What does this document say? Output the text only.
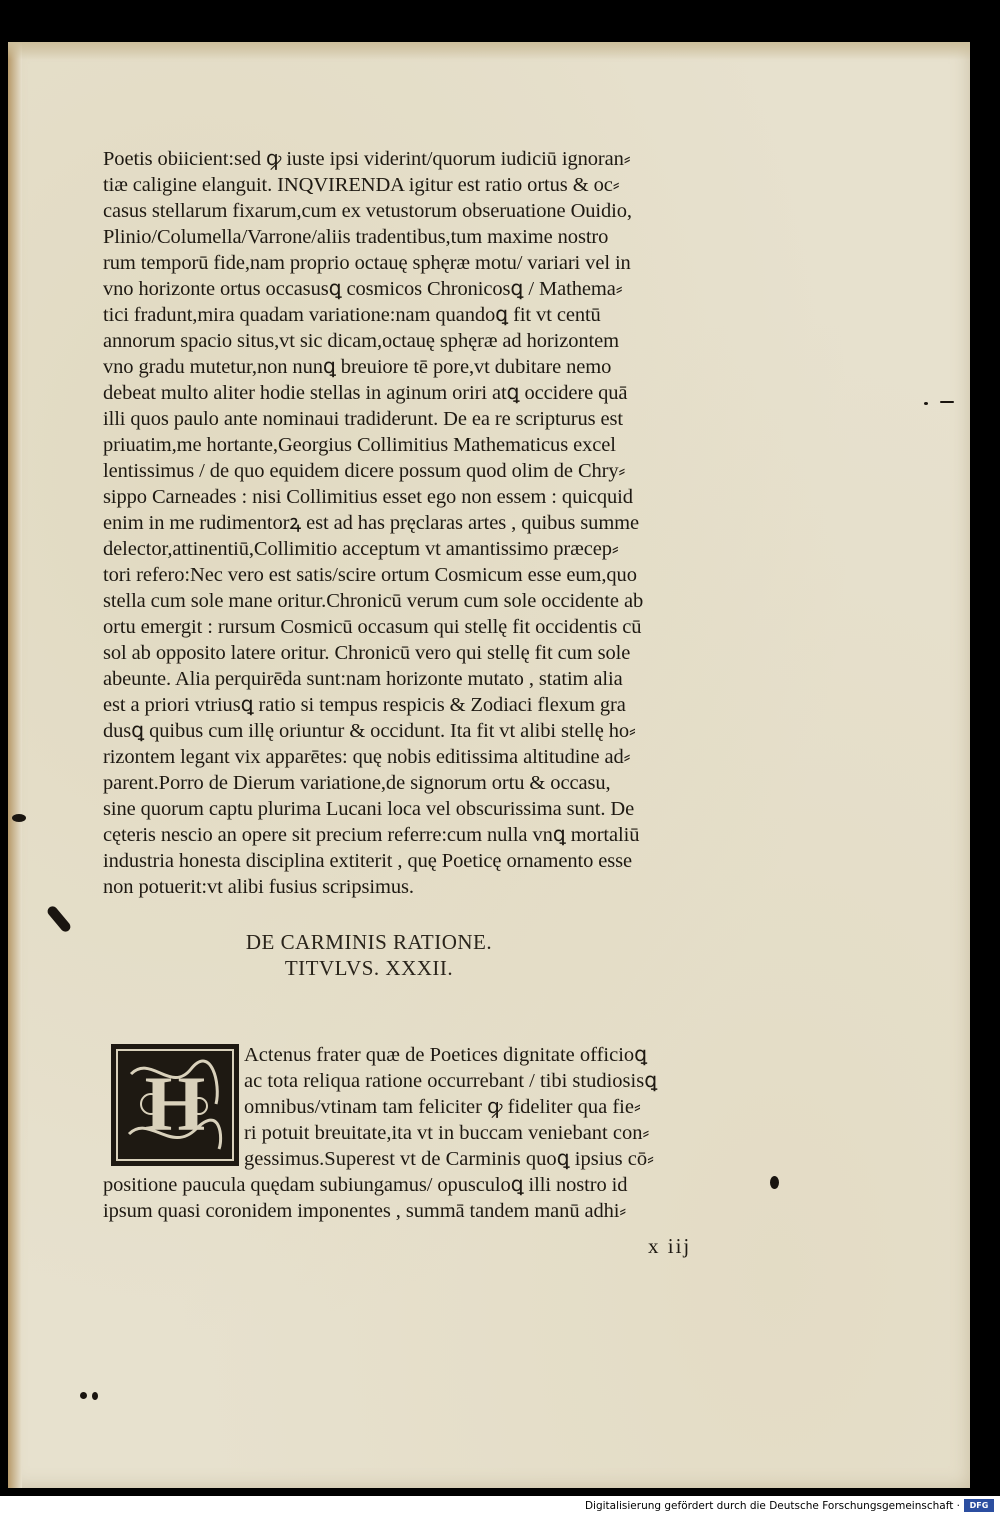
Poetis obiicient:sed ꝙ iuste ipsi viderint/quorum iudiciū ignoran⸗

tiæ caligine elanguit. INQVIRENDA igitur est ratio ortus & oc⸗

casus stellarum fixarum,cum ex vetustorum obseruatione Ouidio,

Plinio/Columella/Varrone/aliis tradentibus,tum maxime nostro

rum temporū fide,nam proprio octauę sphęræ motu/ variari vel in

vno horizonte ortus occasusꝗ cosmicos Chronicosꝗ / Mathema⸗

tici fradunt,mira quadam variatione:nam quandoꝗ fit vt centū

annorum spacio situs,vt sic dicam,octauę sphęræ ad horizontem

vno gradu mutetur,non nunꝗ breuiore tē pore,vt dubitare nemo

debeat multo aliter hodie stellas in aginum oriri atꝗ occidere quā

illi quos paulo ante nominaui tradiderunt. De ea re scripturus est

priuatim,me hortante,Georgius Collimitius Mathematicus excel

lentissimus / de quo equidem dicere possum quod olim de Chry⸗

sippo Carneades : nisi Collimitius esset ego non essem : quicquid

enim in me rudimentorꝝ est ad has pręclaras artes , quibus summe

delector,attinentiū,Collimitio acceptum vt amantissimo præcep⸗

tori refero:Nec vero est satis/scire ortum Cosmicum esse eum,quo

stella cum sole mane oritur.Chronicū verum cum sole occidente ab

ortu emergit : rursum Cosmicū occasum qui stellę fit occidentis cū

sol ab opposito latere oritur. Chronicū vero qui stellę fit cum sole

abeunte. Alia perquirēda sunt:nam horizonte mutato , statim alia

est a priori vtriusꝗ ratio si tempus respicis & Zodiaci flexum gra

dusꝗ quibus cum illę oriuntur & occidunt. Ita fit vt alibi stellę ho⸗

rizontem legant vix apparētes: quę nobis editissima altitudine ad⸗

parent.Porro de Dierum variatione,de signorum ortu & occasu,

sine quorum captu plurima Lucani loca vel obscurissima sunt. De

cęteris nescio an opere sit precium referre:cum nulla vnꝗ mortaliū

industria honesta disciplina extiterit , quę Poeticę ornamento esse

non potuerit:vt alibi fusius scripsimus.

DE CARMINIS RATIONE.
TITVLVS. XXXII.
H

Actenus frater quæ de Poetices dignitate officioꝗ

ac tota reliqua ratione occurrebant / tibi studiosisꝗ

omnibus/vtinam tam feliciter ꝙ fideliter qua fie⸗

ri potuit breuitate,ita vt in buccam veniebant con⸗

gessimus.Superest vt de Carminis quoꝗ ipsius cō⸗

positione paucula quędam subiungamus/ opusculoꝗ illi nostro id

ipsum quasi coronidem imponentes , summā tandem manū adhi⸗

x iij
Digitalisierung gefördert durch die Deutsche Forschungsgemeinschaft ·	DFG
